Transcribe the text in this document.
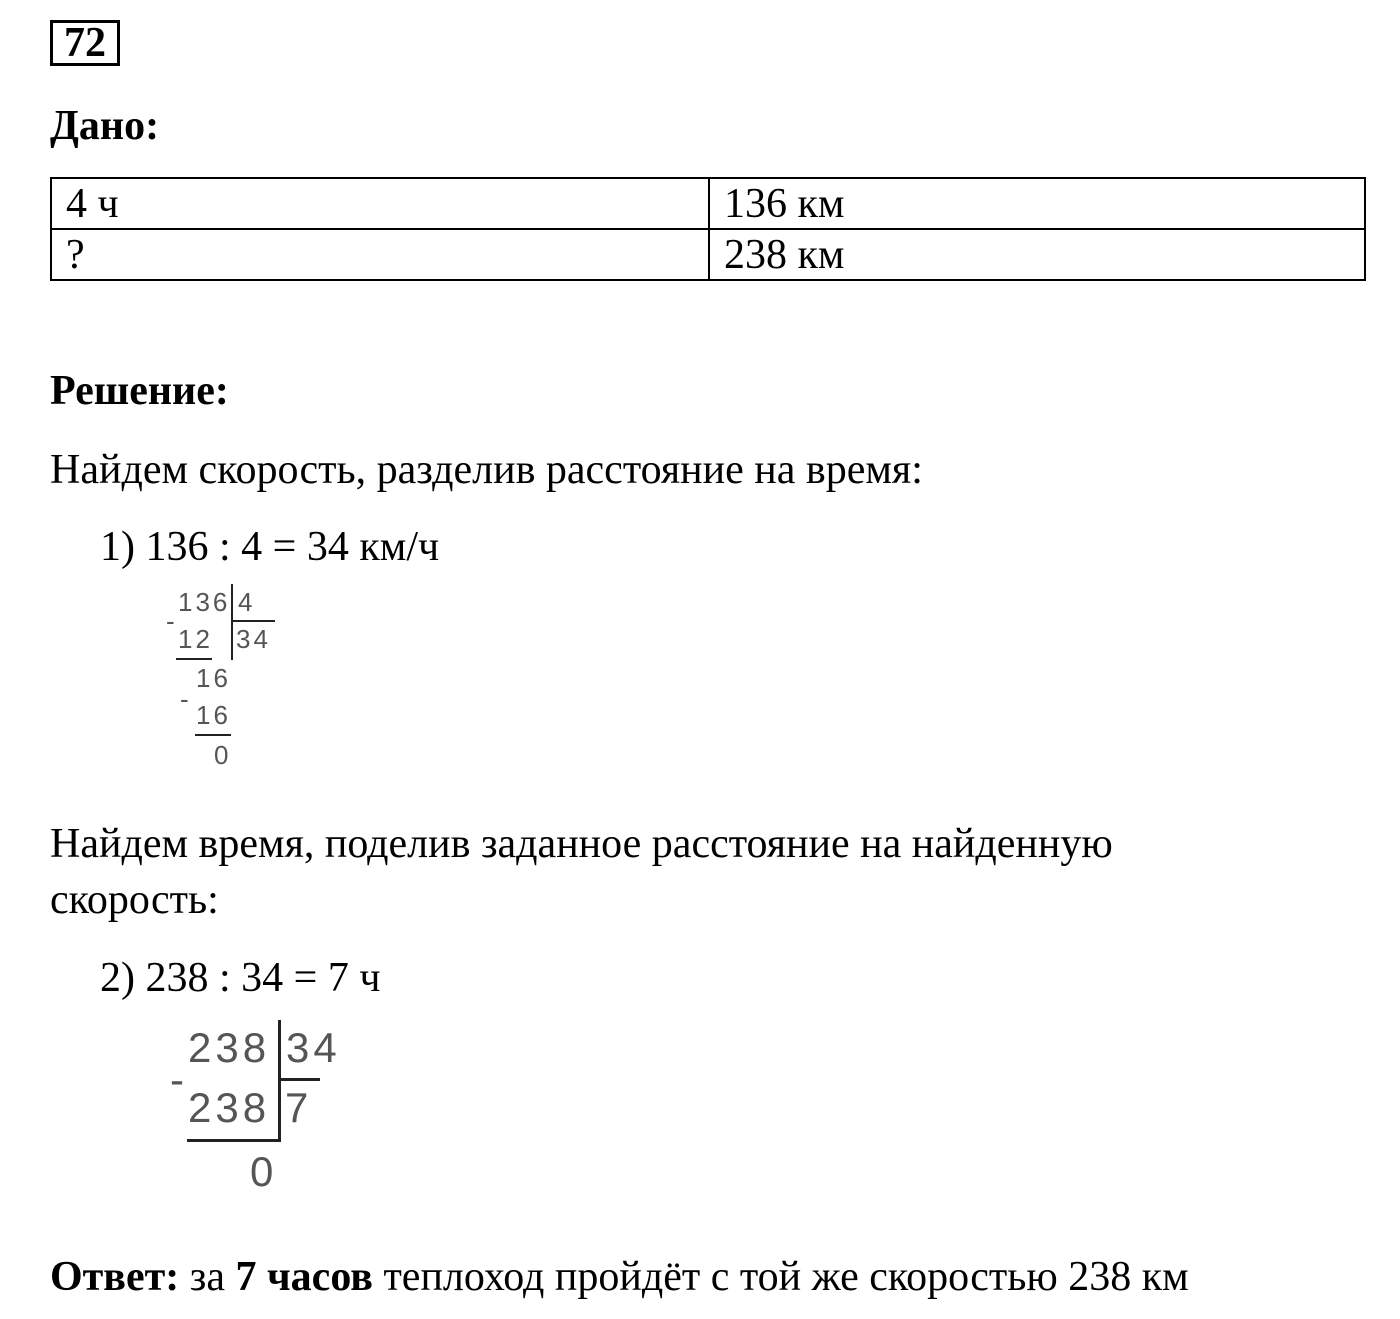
72
Дано:
4 ч	136 км
?	238 км
Решение:

Найдем скорость, разделив расстояние на время:

1) 136 : 4 = 34 км/ч

136 4
-
12 34
16
-
16
0

Найдем время, поделив заданное расстояние на найденную

скорость:

2) 238 : 34 = 7 ч

238 34
-
238 7
0

Ответ: за 7 часов теплоход пройдёт с той же скоростью 238 км
